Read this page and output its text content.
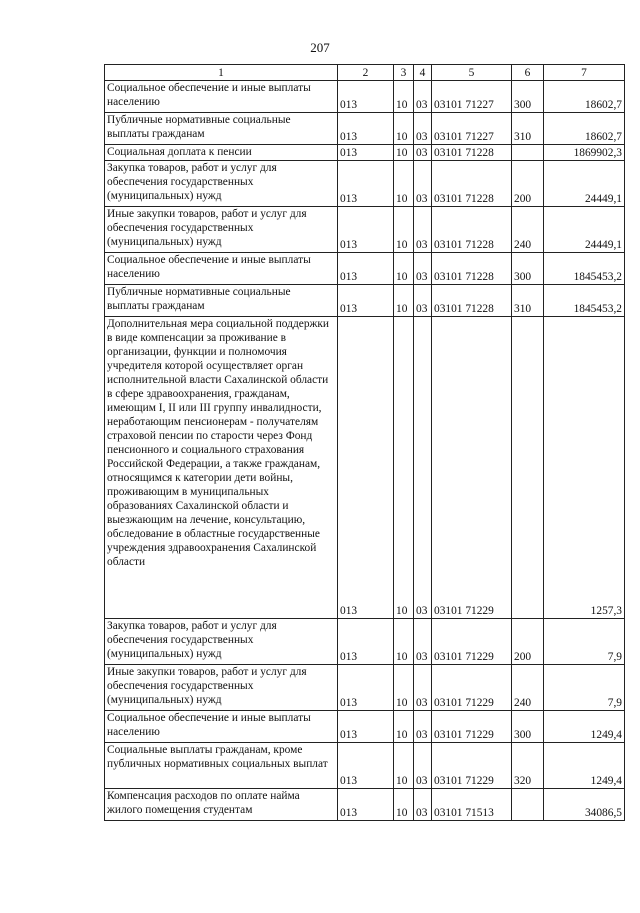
207
1	2	3	4	5	6	7
Социальное обеспечение и иные выплаты населению	013	10	03	03101 71227	300	18602,7
Публичные нормативные социальные выплаты гражданам	013	10	03	03101 71227	310	18602,7
Социальная доплата к пенсии	013	10	03	03101 71228		1869902,3
Закупка товаров, работ и услуг для обеспечения государственных (муниципальных) нужд	013	10	03	03101 71228	200	24449,1
Иные закупки товаров, работ и услуг для обеспечения государственных (муниципальных) нужд	013	10	03	03101 71228	240	24449,1
Социальное обеспечение и иные выплаты населению	013	10	03	03101 71228	300	1845453,2
Публичные нормативные социальные выплаты гражданам	013	10	03	03101 71228	310	1845453,2
Дополнительная мера социальной поддержки в виде компенсации за проживание в организации, функции и полномочия учредителя которой осуществляет орган исполнительной власти Сахалинской области в сфере здравоохранения, гражданам, имеющим I, II или III группу инвалидности, неработающим пенсионерам - получателям страховой пенсии по старости через Фонд пенсионного и социального страхования Российской Федерации, а также гражданам, относящимся к категории дети войны, проживающим в муниципальных образованиях Сахалинской области и выезжающим на лечение, консультацию, обследование в областные государственные учреждения здравоохранения Сахалинской области	013	10	03	03101 71229		1257,3
Закупка товаров, работ и услуг для обеспечения государственных (муниципальных) нужд	013	10	03	03101 71229	200	7,9
Иные закупки товаров, работ и услуг для обеспечения государственных (муниципальных) нужд	013	10	03	03101 71229	240	7,9
Социальное обеспечение и иные выплаты населению	013	10	03	03101 71229	300	1249,4
Социальные выплаты гражданам, кроме публичных нормативных социальных выплат	013	10	03	03101 71229	320	1249,4
Компенсация расходов по оплате найма жилого помещения студентам	013	10	03	03101 71513		34086,5
